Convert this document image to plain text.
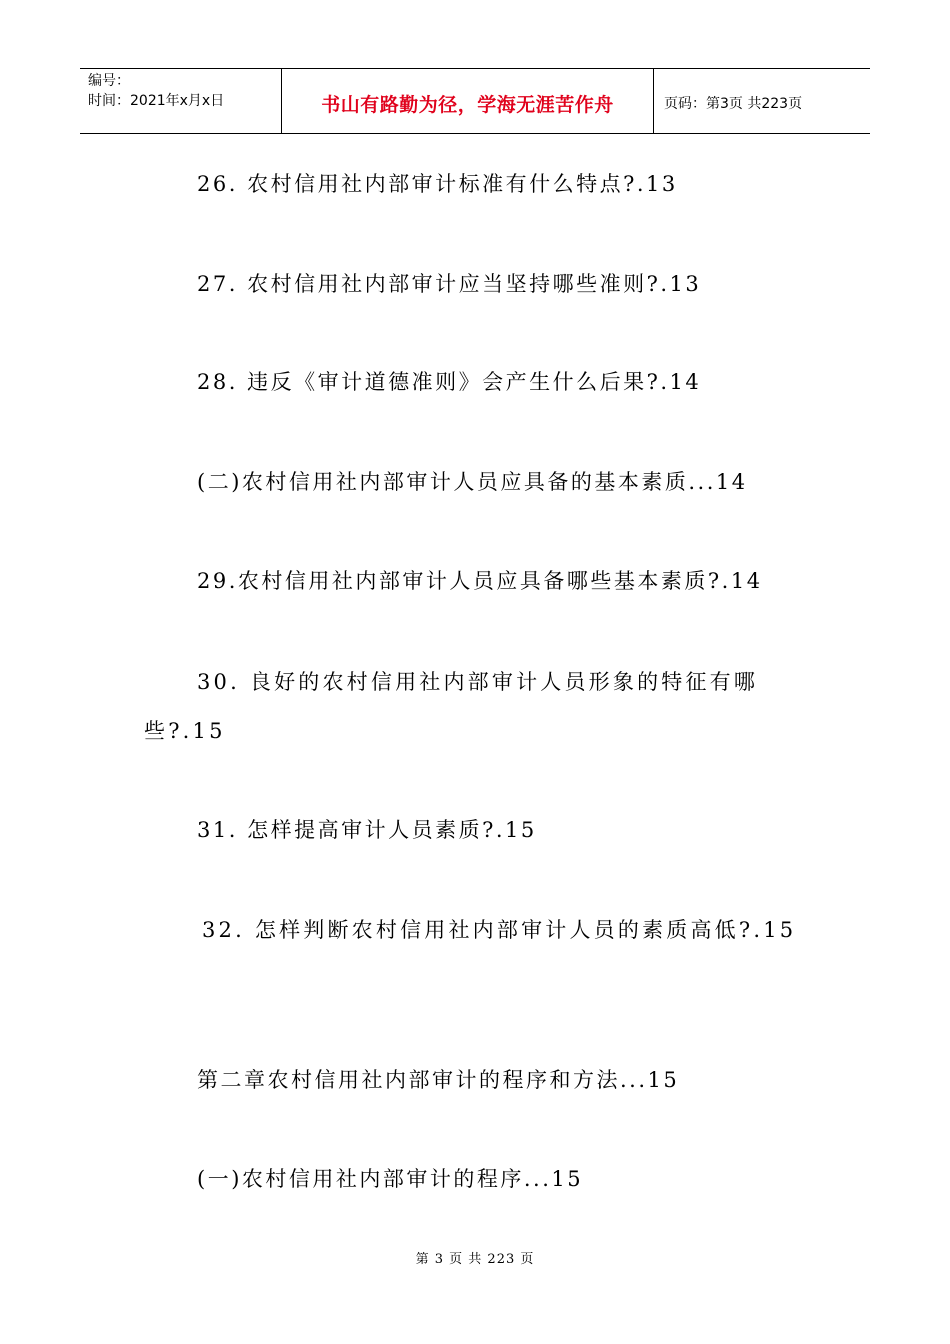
编号：
时间：2021年x月x日	书山有路勤为径，学海无涯苦作舟	页码：第3页 共223页
26. 农村信用社内部审计标准有什么特点?.13
27. 农村信用社内部审计应当坚持哪些准则?.13
28. 违反《审计道德准则》会产生什么后果?.14
(二)农村信用社内部审计人员应具备的基本素质...14
29.农村信用社内部审计人员应具备哪些基本素质?.14
30. 良好的农村信用社内部审计人员形象的特征有哪些?.15
31. 怎样提高审计人员素质?.15
32. 怎样判断农村信用社内部审计人员的素质高低?.15
第二章农村信用社内部审计的程序和方法...15
(一)农村信用社内部审计的程序...15
第 3 页 共 223 页
